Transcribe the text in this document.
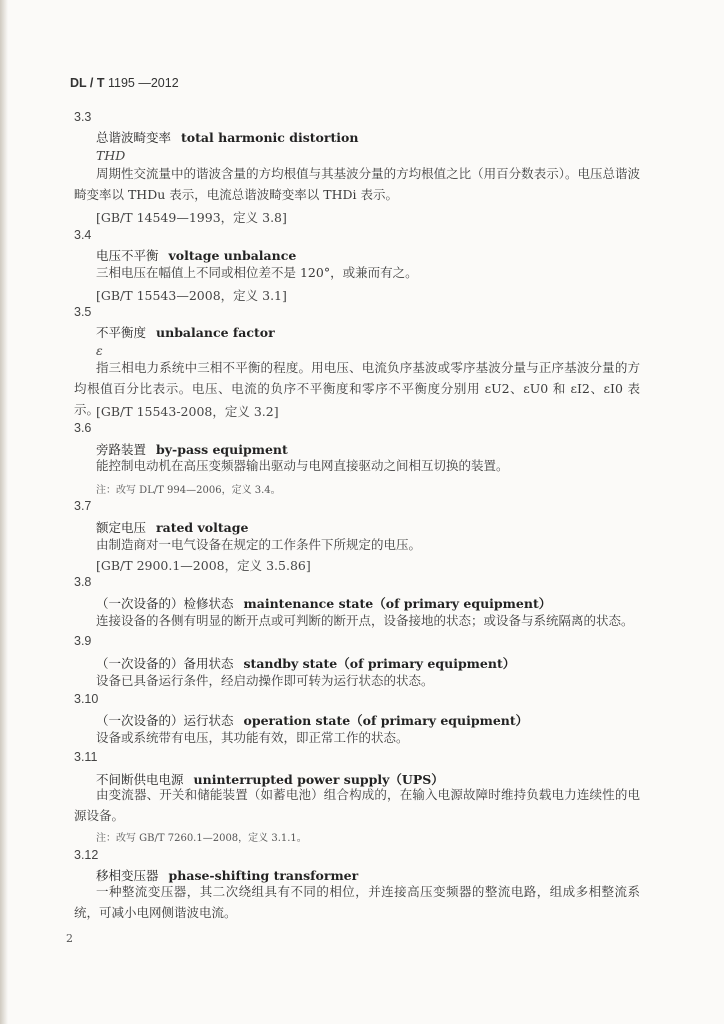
DL / T 1195 —2012
3.3
总谐波畸变率 total harmonic distortion
THD
周期性交流量中的谐波含量的方均根值与其基波分量的方均根值之比（用百分数表示）。电压总谐波畸变率以 THDu 表示，电流总谐波畸变率以 THDi 表示。
[GB/T 14549—1993，定义 3.8]
3.4
电压不平衡 voltage unbalance
三相电压在幅值上不同或相位差不是 120°，或兼而有之。
[GB/T 15543—2008，定义 3.1]
3.5
不平衡度 unbalance factor
ε
指三相电力系统中三相不平衡的程度。用电压、电流负序基波或零序基波分量与正序基波分量的方均根值百分比表示。电压、电流的负序不平衡度和零序不平衡度分别用 εU2、εU0 和 εI2、εI0 表示。
[GB/T 15543-2008，定义 3.2]
3.6
旁路装置 by-pass equipment
能控制电动机在高压变频器输出驱动与电网直接驱动之间相互切换的装置。
注：改写 DL/T 994—2006，定义 3.4。
3.7
额定电压 rated voltage
由制造商对一电气设备在规定的工作条件下所规定的电压。
[GB/T 2900.1—2008，定义 3.5.86]
3.8
（一次设备的）检修状态 maintenance state（of primary equipment）
连接设备的各侧有明显的断开点或可判断的断开点，设备接地的状态；或设备与系统隔离的状态。
3.9
（一次设备的）备用状态 standby state（of primary equipment）
设备已具备运行条件，经启动操作即可转为运行状态的状态。
3.10
（一次设备的）运行状态 operation state（of primary equipment）
设备或系统带有电压，其功能有效，即正常工作的状态。
3.11
不间断供电电源 uninterrupted power supply（UPS）
由变流器、开关和储能装置（如蓄电池）组合构成的，在输入电源故障时维持负载电力连续性的电源设备。
注：改写 GB/T 7260.1—2008，定义 3.1.1。
3.12
移相变压器 phase-shifting transformer
一种整流变压器，其二次绕组具有不同的相位，并连接高压变频器的整流电路，组成多相整流系统，可减小电网侧谐波电流。
2
